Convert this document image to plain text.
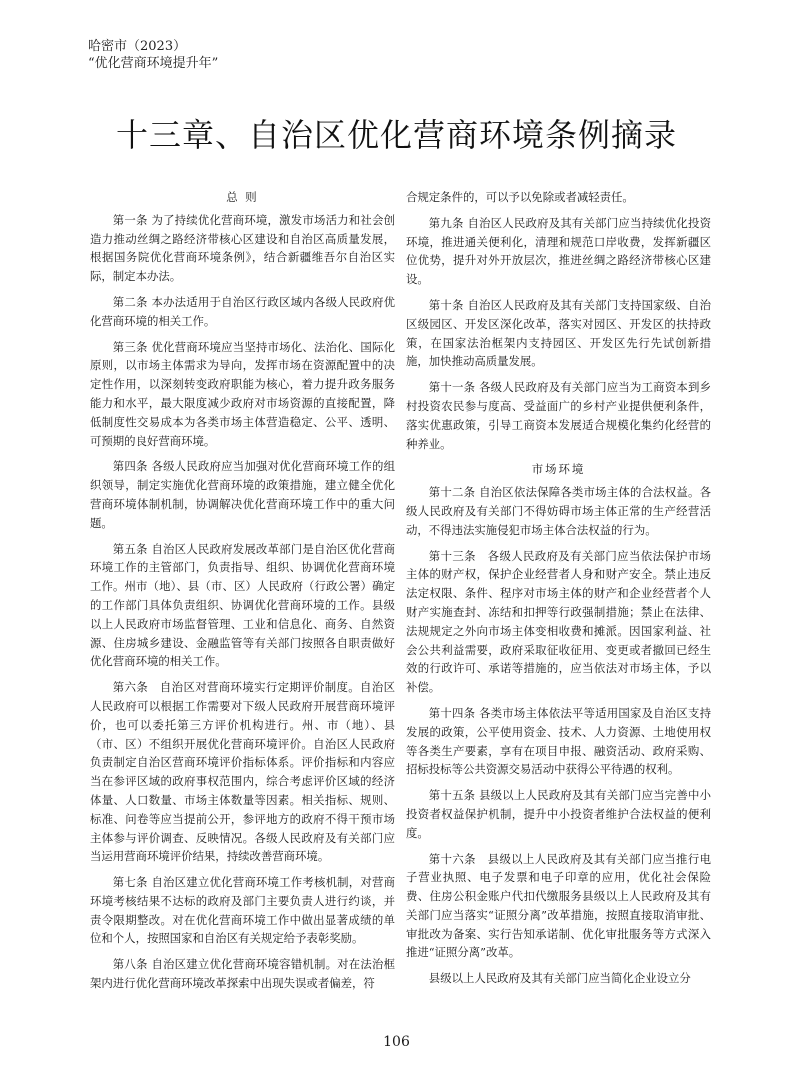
哈密市（2023）
“优化营商环境提升年”
十三章、自治区优化营商环境条例摘录
总 则

第一条 为了持续优化营商环境，激发市场活力和社会创造力推动丝绸之路经济带核心区建设和自治区高质量发展，根据国务院优化营商环境条例》，结合新疆维吾尔自治区实际，制定本办法。

第二条 本办法适用于自治区行政区域内各级人民政府优化营商环境的相关工作。

第三条 优化营商环境应当坚持市场化、法治化、国际化原则，以市场主体需求为导向，发挥市场在资源配置中的决定性作用，以深刻转变政府职能为核心，着力提升政务服务能力和水平，最大限度减少政府对市场资源的直接配置，降低制度性交易成本为各类市场主体营造稳定、公平、透明、可预期的良好营商环境。

第四条 各级人民政府应当加强对优化营商环境工作的组织领导，制定实施优化营商环境的政策措施，建立健全优化营商环境体制机制，协调解决优化营商环境工作中的重大问题。

第五条 自治区人民政府发展改革部门是自治区优化营商环境工作的主管部门，负责指导、组织、协调优化营商环境工作。州市（地）、县（市、区）人民政府（行政公署）确定的工作部门具体负责组织、协调优化营商环境的工作。县级以上人民政府市场监督管理、工业和信息化、商务、自然资源、住房城乡建设、金融监管等有关部门按照各自职责做好优化营商环境的相关工作。

第六条　自治区对营商环境实行定期评价制度。自治区人民政府可以根据工作需要对下级人民政府开展营商环境评价，也可以委托第三方评价机构进行。州、市（地）、县（市、区）不组织开展优化营商环境评价。自治区人民政府负责制定自治区营商环境评价指标体系。评价指标和内容应当在参评区域的政府事权范围内，综合考虑评价区域的经济体量、人口数量、市场主体数量等因素。相关指标、规则、标准、问卷等应当提前公开，参评地方的政府不得干预市场主体参与评价调查、反映情况。各级人民政府及有关部门应当运用营商环境评价结果，持续改善营商环境。

第七条 自治区建立优化营商环境工作考核机制，对营商环境考核结果不达标的政府及部门主要负责人进行约谈，并责令限期整改。对在优化营商环境工作中做出显著成绩的单位和个人，按照国家和自治区有关规定给予表彰奖励。

第八条 自治区建立优化营商环境容错机制。对在法治框架内进行优化营商环境改革探索中出现失误或者偏差，符

合规定条件的，可以予以免除或者减轻责任。

第九条 自治区人民政府及其有关部门应当持续优化投资环境，推进通关便利化，清理和规范口岸收费，发挥新疆区位优势，提升对外开放层次，推进丝绸之路经济带核心区建设。

第十条 自治区人民政府及其有关部门支持国家级、自治区级园区、开发区深化改革，落实对园区、开发区的扶持政策，在国家法治框架内支持园区、开发区先行先试创新措施，加快推动高质量发展。

第十一条 各级人民政府及有关部门应当为工商资本到乡村投资农民参与度高、受益面广的乡村产业提供便利条件，落实优惠政策，引导工商资本发展适合规模化集约化经营的种养业。

市场环境

第十二条 自治区依法保障各类市场主体的合法权益。各级人民政府及有关部门不得妨碍市场主体正常的生产经营活动，不得违法实施侵犯市场主体合法权益的行为。

第十三条　各级人民政府及有关部门应当依法保护市场主体的财产权，保护企业经营者人身和财产安全。禁止违反法定权限、条件、程序对市场主体的财产和企业经营者个人财产实施查封、冻结和扣押等行政强制措施；禁止在法律、法规规定之外向市场主体变相收费和摊派。因国家利益、社会公共利益需要，政府采取征收征用、变更或者撤回已经生效的行政许可、承诺等措施的，应当依法对市场主体，予以补偿。

第十四条 各类市场主体依法平等适用国家及自治区支持发展的政策，公平使用资金、技术、人力资源、土地使用权等各类生产要素，享有在项目申报、融资活动、政府采购、招标投标等公共资源交易活动中获得公平待遇的权利。

第十五条 县级以上人民政府及其有关部门应当完善中小投资者权益保护机制，提升中小投资者维护合法权益的便利度。

第十六条　县级以上人民政府及其有关部门应当推行电子营业执照、电子发票和电子印章的应用，优化社会保险费、住房公积金账户代扣代缴服务县级以上人民政府及其有关部门应当落实“证照分离”改革措施，按照直接取消审批、审批改为备案、实行告知承诺制、优化审批服务等方式深入推进“证照分离”改革。

县级以上人民政府及其有关部门应当简化企业设立分

106
